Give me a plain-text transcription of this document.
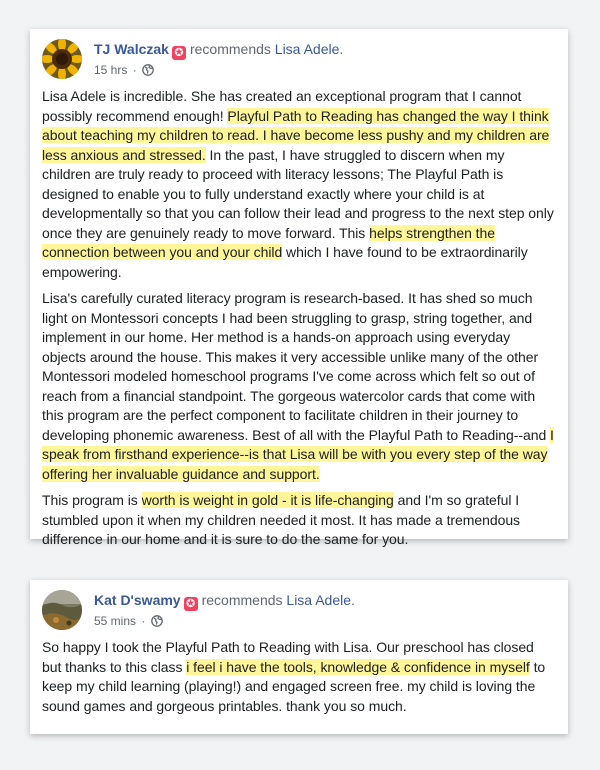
TJ Walczak ✪ recommends Lisa Adele.
15 hrs ·

Lisa Adele is incredible. She has created an exceptional program that I cannot possibly recommend enough! Playful Path to Reading has changed the way I think about teaching my children to read. I have become less pushy and my children are less anxious and stressed. In the past, I have struggled to discern when my children are truly ready to proceed with literacy lessons; The Playful Path is designed to enable you to fully understand exactly where your child is at developmentally so that you can follow their lead and progress to the next step only once they are genuinely ready to move forward. This helps strengthen the connection between you and your child which I have found to be extraordinarily empowering.

Lisa's carefully curated literacy program is research-based. It has shed so much light on Montessori concepts I had been struggling to grasp, string together, and implement in our home. Her method is a hands-on approach using everyday objects around the house. This makes it very accessible unlike many of the other Montessori modeled homeschool programs I've come across which felt so out of reach from a financial standpoint. The gorgeous watercolor cards that come with this program are the perfect component to facilitate children in their journey to developing phonemic awareness. Best of all with the Playful Path to Reading--and I speak from firsthand experience--is that Lisa will be with you every step of the way offering her invaluable guidance and support.

This program is worth is weight in gold - it is life-changing and I'm so grateful I stumbled upon it when my children needed it most. It has made a tremendous difference in our home and it is sure to do the same for you.

Kat D'swamy ✪ recommends Lisa Adele.
55 mins ·

So happy I took the Playful Path to Reading with Lisa. Our preschool has closed but thanks to this class i feel i have the tools, knowledge & confidence in myself to keep my child learning (playing!) and engaged screen free. my child is loving the sound games and gorgeous printables. thank you so much.
